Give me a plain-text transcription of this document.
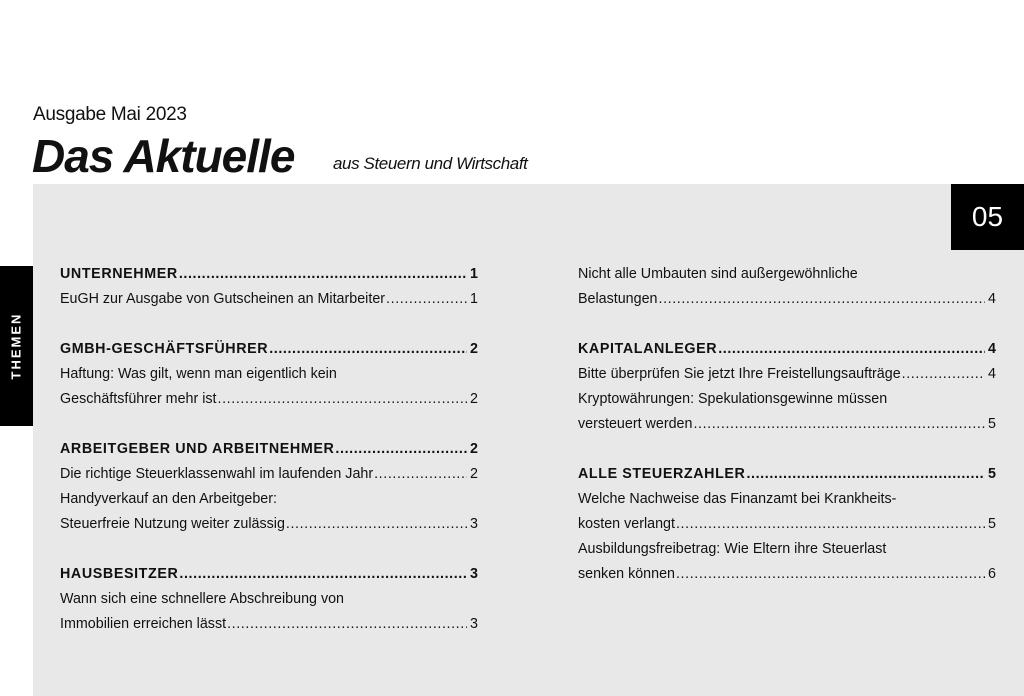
Ausgabe Mai 2023
Das Aktuelle aus Steuern und Wirtschaft
05
THEMEN
UNTERNEHMER .....	1
EuGH zur Ausgabe von Gutscheinen an Mitarbeiter .....	1
GMBH-GESCHÄFTSFÜHRER .....	2
Haftung: Was gilt, wenn man eigentlich kein
Geschäftsführer mehr ist .....	2
ARBEITGEBER UND ARBEITNEHMER .....	2
Die richtige Steuerklassenwahl im laufenden Jahr .....	2
Handyverkauf an den Arbeitgeber:
Steuerfreie Nutzung weiter zulässig .....	3
HAUSBESITZER .....	3
Wann sich eine schnellere Abschreibung von
Immobilien erreichen lässt .....	3
Nicht alle Umbauten sind außergewöhnliche
Belastungen .....	4
KAPITALANLEGER .....	4
Bitte überprüfen Sie jetzt Ihre Freistellungsaufträge .....	4
Kryptowährungen: Spekulationsgewinne müssen
versteuert werden .....	5
ALLE STEUERZAHLER .....	5
Welche Nachweise das Finanzamt bei Krankheits-
kosten verlangt .....	5
Ausbildungsfreibetrag: Wie Eltern ihre Steuerlast
senken können .....	6
